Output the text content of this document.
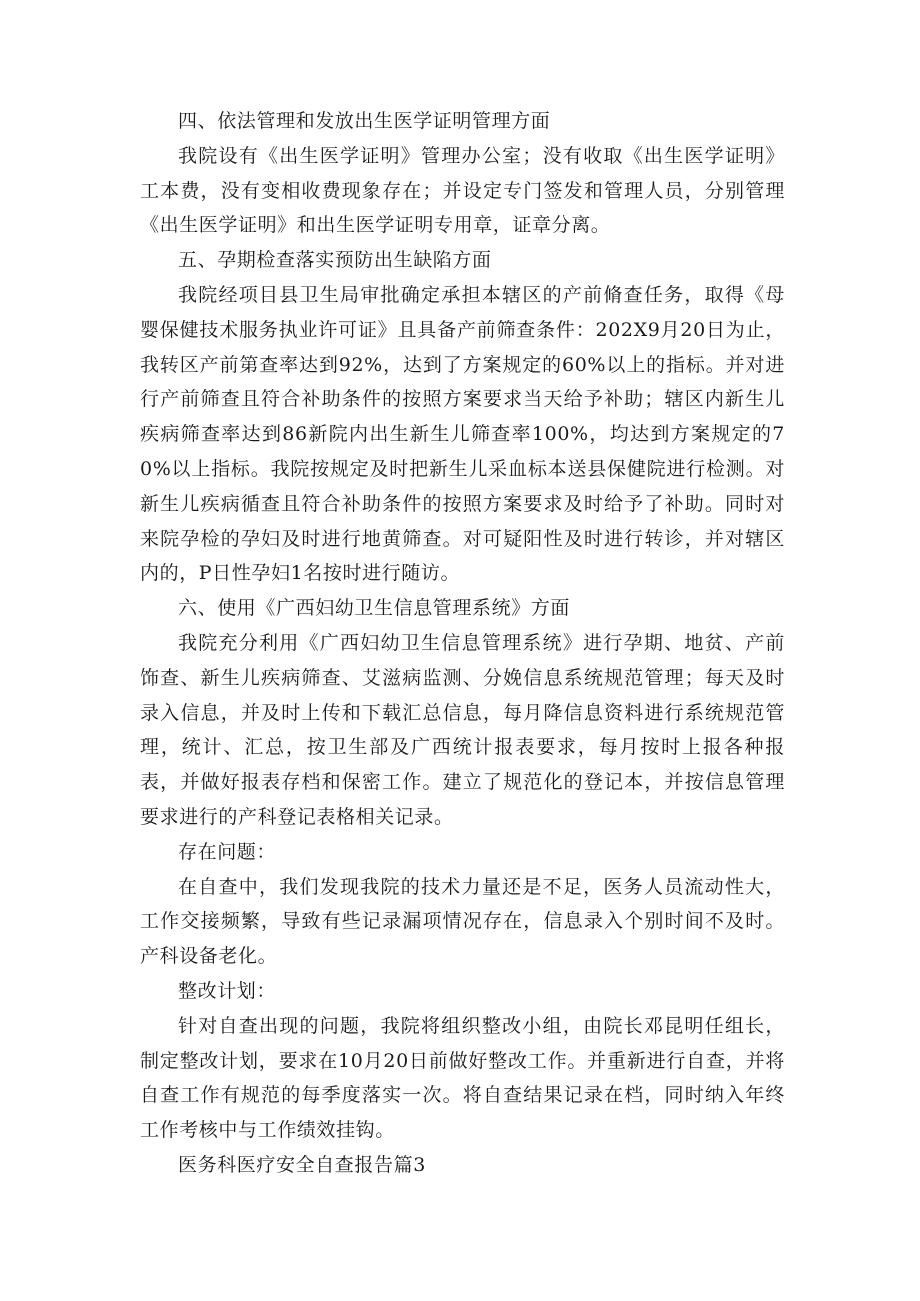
四、依法管理和发放出生医学证明管理方面

我院设有《出生医学证明》管理办公室；没有收取《出生医学证明》工本费，没有变相收费现象存在；并设定专门签发和管理人员，分别管理《出生医学证明》和出生医学证明专用章，证章分离。

五、孕期检查落实预防出生缺陷方面

我院经项目县卫生局审批确定承担本辖区的产前脩查任务，取得《母婴保健技术服务执业许可证》且具备产前筛查条件：202X9月20日为止，我转区产前第查率达到92%，达到了方案规定的60%以上的指标。并对进行产前筛查且符合补助条件的按照方案要求当天给予补助；辖区内新生儿疾病筛查率达到86新院内出生新生儿筛查率100%，均达到方案规定的70%以上指标。我院按规定及时把新生儿采血标本送县保健院进行检测。对新生儿疾病循查且符合补助条件的按照方案要求及时给予了补助。同时对来院孕检的孕妇及时进行地黄筛查。对可疑阳性及时进行转诊，并对辖区内的，P日性孕妇1名按时进行随访。

六、使用《广西妇幼卫生信息管理系统》方面

我院充分利用《广西妇幼卫生信息管理系统》进行孕期、地贫、产前饰查、新生儿疾病筛查、艾滋病监测、分娩信息系统规范管理；每天及时录入信息，并及时上传和下载汇总信息，每月降信息资料进行系统规范管理，统计、汇总，按卫生部及广西统计报表要求，每月按时上报各种报表，并做好报表存档和保密工作。建立了规范化的登记本，并按信息管理要求进行的产科登记表格相关记录。

存在问题：

在自查中，我们发现我院的技术力量还是不足，医务人员流动性大，工作交接频繁，导致有些记录漏项情况存在，信息录入个别时间不及时。产科设备老化。

整改计划：

针对自查出现的问题，我院将组织整改小组，由院长邓昆明任组长，制定整改计划，要求在10月20日前做好整改工作。并重新进行自查，并将自查工作有规范的每季度落实一次。将自查结果记录在档，同时纳入年终工作考核中与工作绩效挂钩。

医务科医疗安全自查报告篇3
